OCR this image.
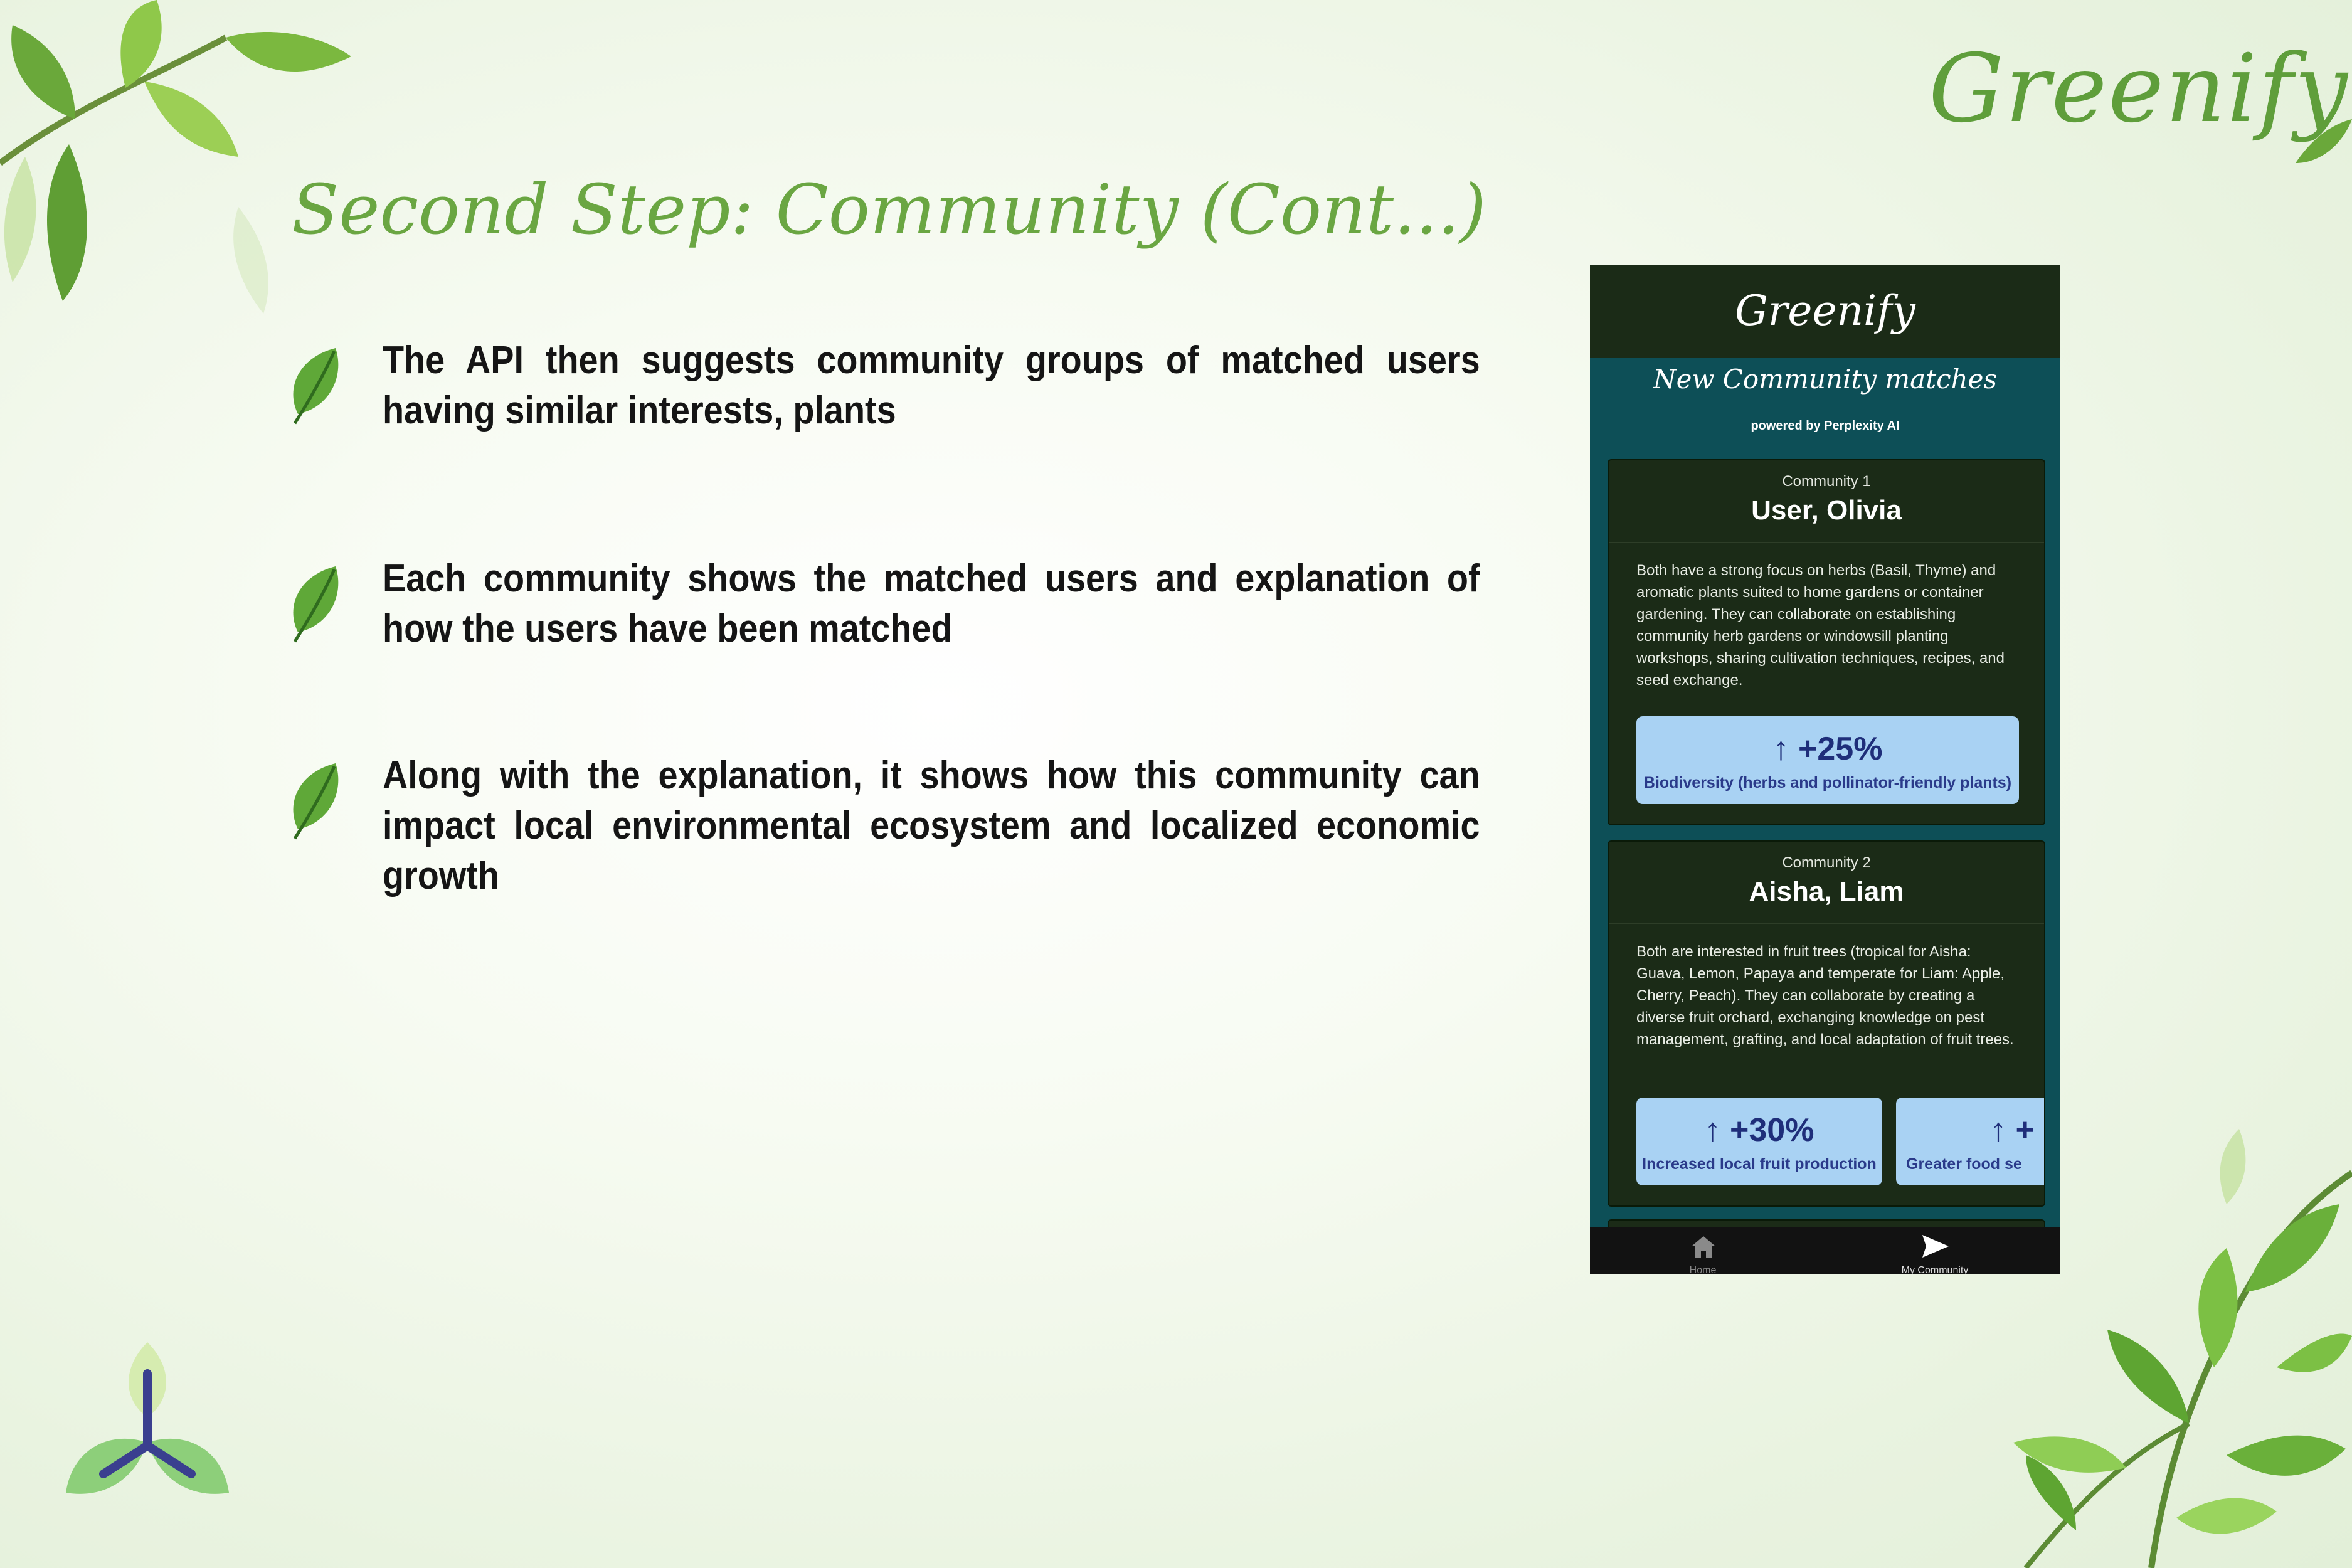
Greenify
Second Step: Community (Cont...)
The API then suggests community groups of matched users having similar interests, plants
Each community shows the matched users and explanation of how the users have been matched
Along with the explanation, it shows how this community can impact local environmental ecosystem and localized economic growth
Greenify
New Community matches
powered by Perplexity AI
Community 1
User, Olivia
Both have a strong focus on herbs (Basil, Thyme) and aromatic plants suited to home gardens or container gardening. They can collaborate on establishing community herb gardens or windowsill planting workshops, sharing cultivation techniques, recipes, and seed exchange.
↑ +25%
Biodiversity (herbs and pollinator-friendly plants)
Community 2
Aisha, Liam
Both are interested in fruit trees (tropical for Aisha: Guava, Lemon, Papaya and temperate for Liam: Apple, Cherry, Peach). They can collaborate by creating a diverse fruit orchard, exchanging knowledge on pest management, grafting, and local adaptation of fruit trees.
↑ +30%
Increased local fruit production
↑ +
Greater food se
Home	My Community
